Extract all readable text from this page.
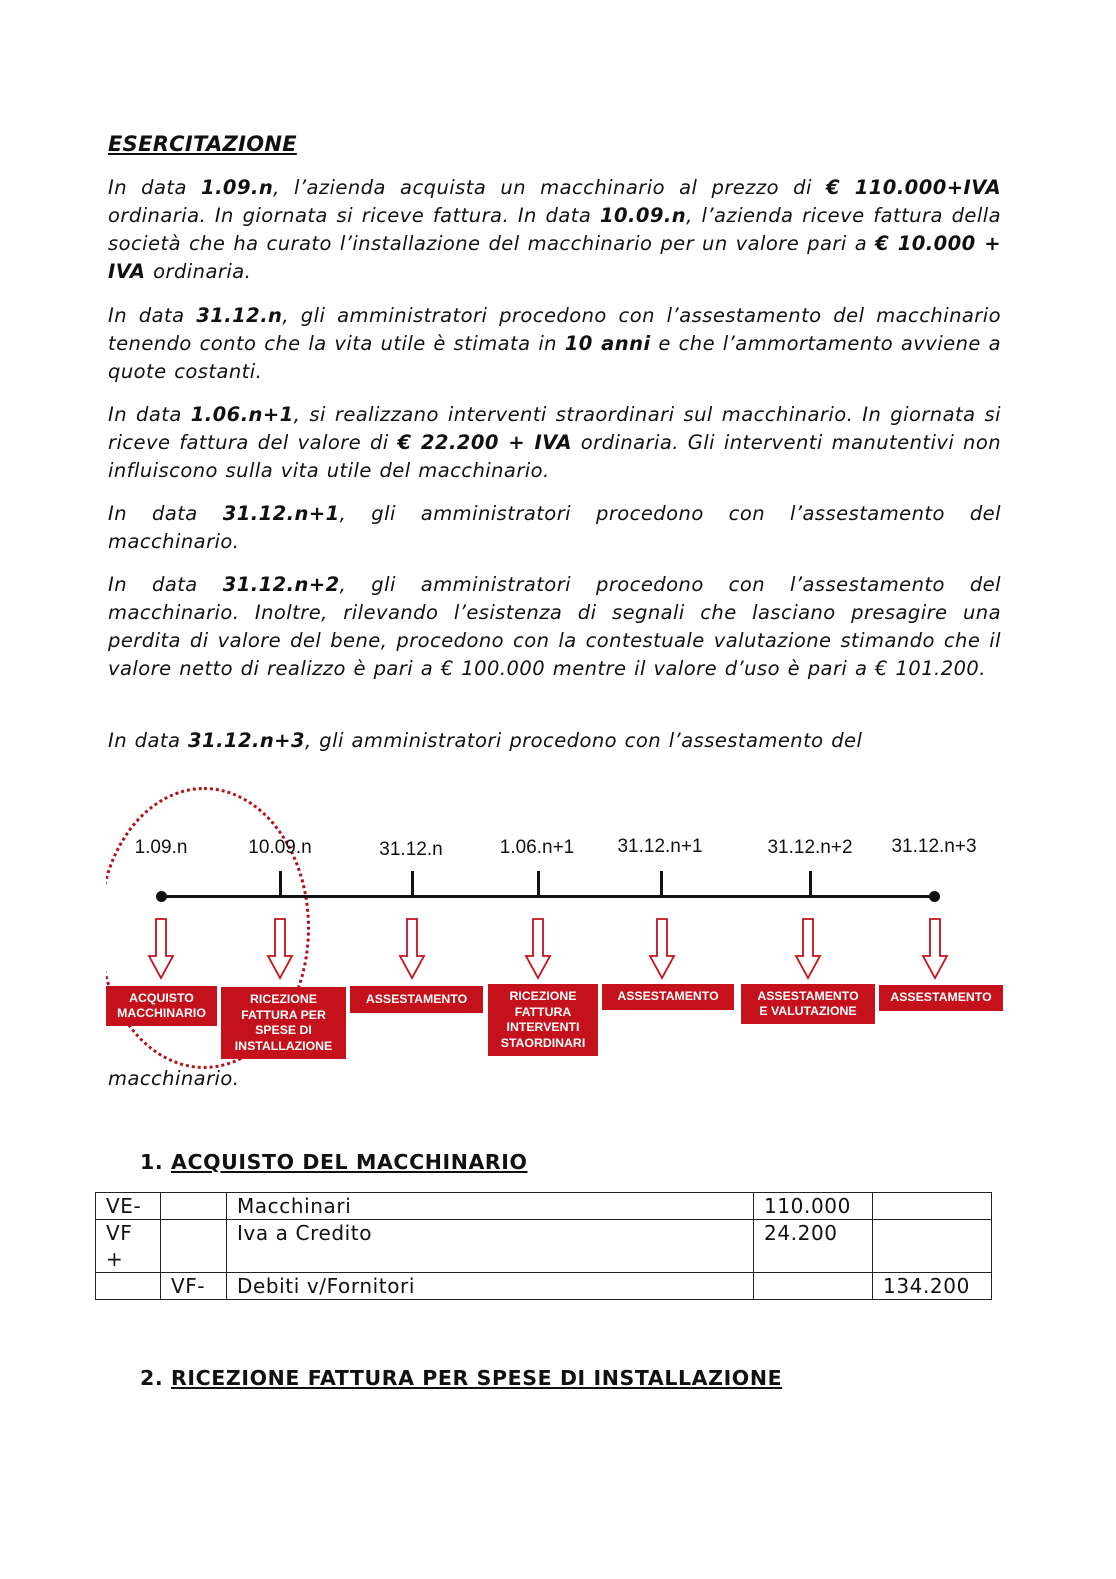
ESERCITAZIONE
In data 1.09.n, l’azienda acquista un macchinario al prezzo di € 110.000+IVA ordinaria. In giornata si riceve fattura. In data 10.09.n, l’azienda riceve fattura della società che ha curato l’installazione del macchinario per un valore pari a € 10.000 + IVA ordinaria.
In data 31.12.n, gli amministratori procedono con l’assestamento del macchinario tenendo conto che la vita utile è stimata in 10 anni e che l’ammortamento avviene a quote costanti.
In data 1.06.n+1, si realizzano interventi straordinari sul macchinario. In giornata si riceve fattura del valore di € 22.200 + IVA ordinaria. Gli interventi manutentivi non influiscono sulla vita utile del macchinario.
In data 31.12.n+1, gli amministratori procedono con l’assestamento del macchinario.
In data 31.12.n+2, gli amministratori procedono con l’assestamento del macchinario. Inoltre, rilevando l’esistenza di segnali che lasciano presagire una perdita di valore del bene, procedono con la contestuale valutazione stimando che il valore netto di realizzo è pari a € 100.000 mentre il valore d’uso è pari a € 101.200.
In data 31.12.n+3, gli amministratori procedono con l’assestamento del
1.09.n	10.09.n	31.12.n	1.06.n+1 31.12.n+1	31.12.n+2 31.12.n+3
ACQUISTO
MACCHINARIO
RICEZIONE
FATTURA PER
SPESE DI
INSTALLAZIONE
ASSESTAMENTO	RICEZIONE
FATTURA
INTERVENTI
STAORDINARI
ASSESTAMENTO	ASSESTAMENTO
E VALUTAZIONE
ASSESTAMENTO
macchinario.
1. ACQUISTO DEL MACCHINARIO
VE-		Macchinari	110.000	
VF +		Iva a Credito	24.200	
	VF-	Debiti v/Fornitori		134.200
2. RICEZIONE FATTURA PER SPESE DI INSTALLAZIONE
